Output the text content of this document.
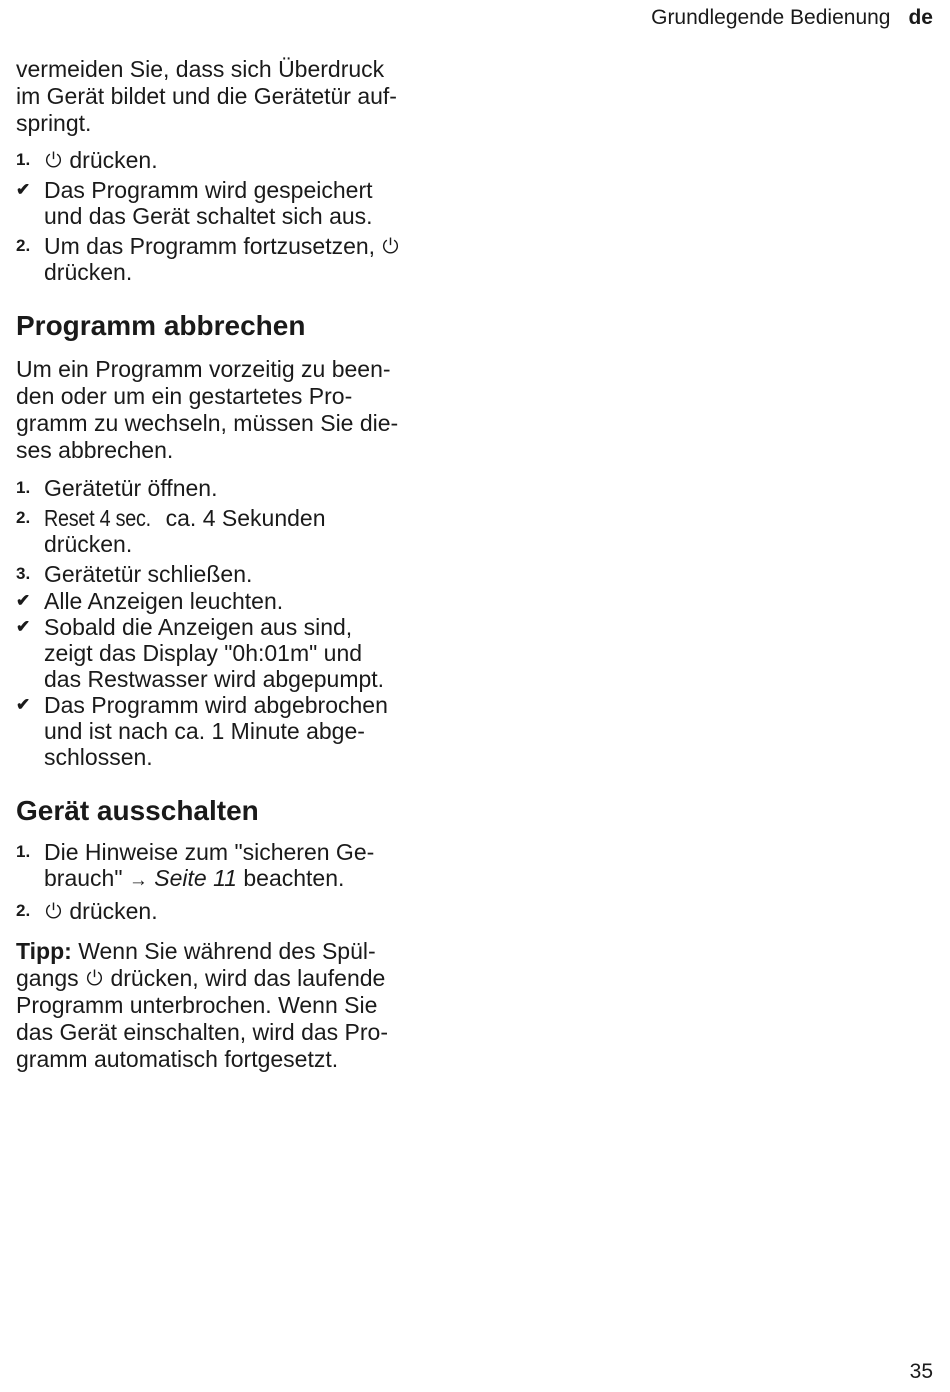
Grundlegende Bedienung de

vermeiden Sie, dass sich Überdruck
im Gerät bildet und die Gerätetür auf-
springt.

1.	drücken.
✔ Das Programm wird gespeichert
und das Gerät schaltet sich aus.
2. Um das Programm fortzusetzen,
drücken.
Programm abbrechen

Um ein Programm vorzeitig zu been-
den oder um ein gestartetes Pro-
gramm zu wechseln, müssen Sie die-
ses abbrechen.

1. Gerätetür öffnen.
2. Reset 4 sec. ca. 4 Sekunden
drücken.
3. Gerätetür schließen.
✔ Alle Anzeigen leuchten.
✔ Sobald die Anzeigen aus sind,
zeigt das Display "0h:01m" und
das Restwasser wird abgepumpt.
✔ Das Programm wird abgebrochen
und ist nach ca. 1 Minute abge-
schlossen.
Gerät ausschalten
1. Die Hinweise zum "sicheren Ge-
brauch" → Seite 11 beachten.
2.	drücken.

Tipp: Wenn Sie während des Spül-
gangs drücken, wird das laufende
Programm unterbrochen. Wenn Sie
das Gerät einschalten, wird das Pro-
gramm automatisch fortgesetzt.

35
